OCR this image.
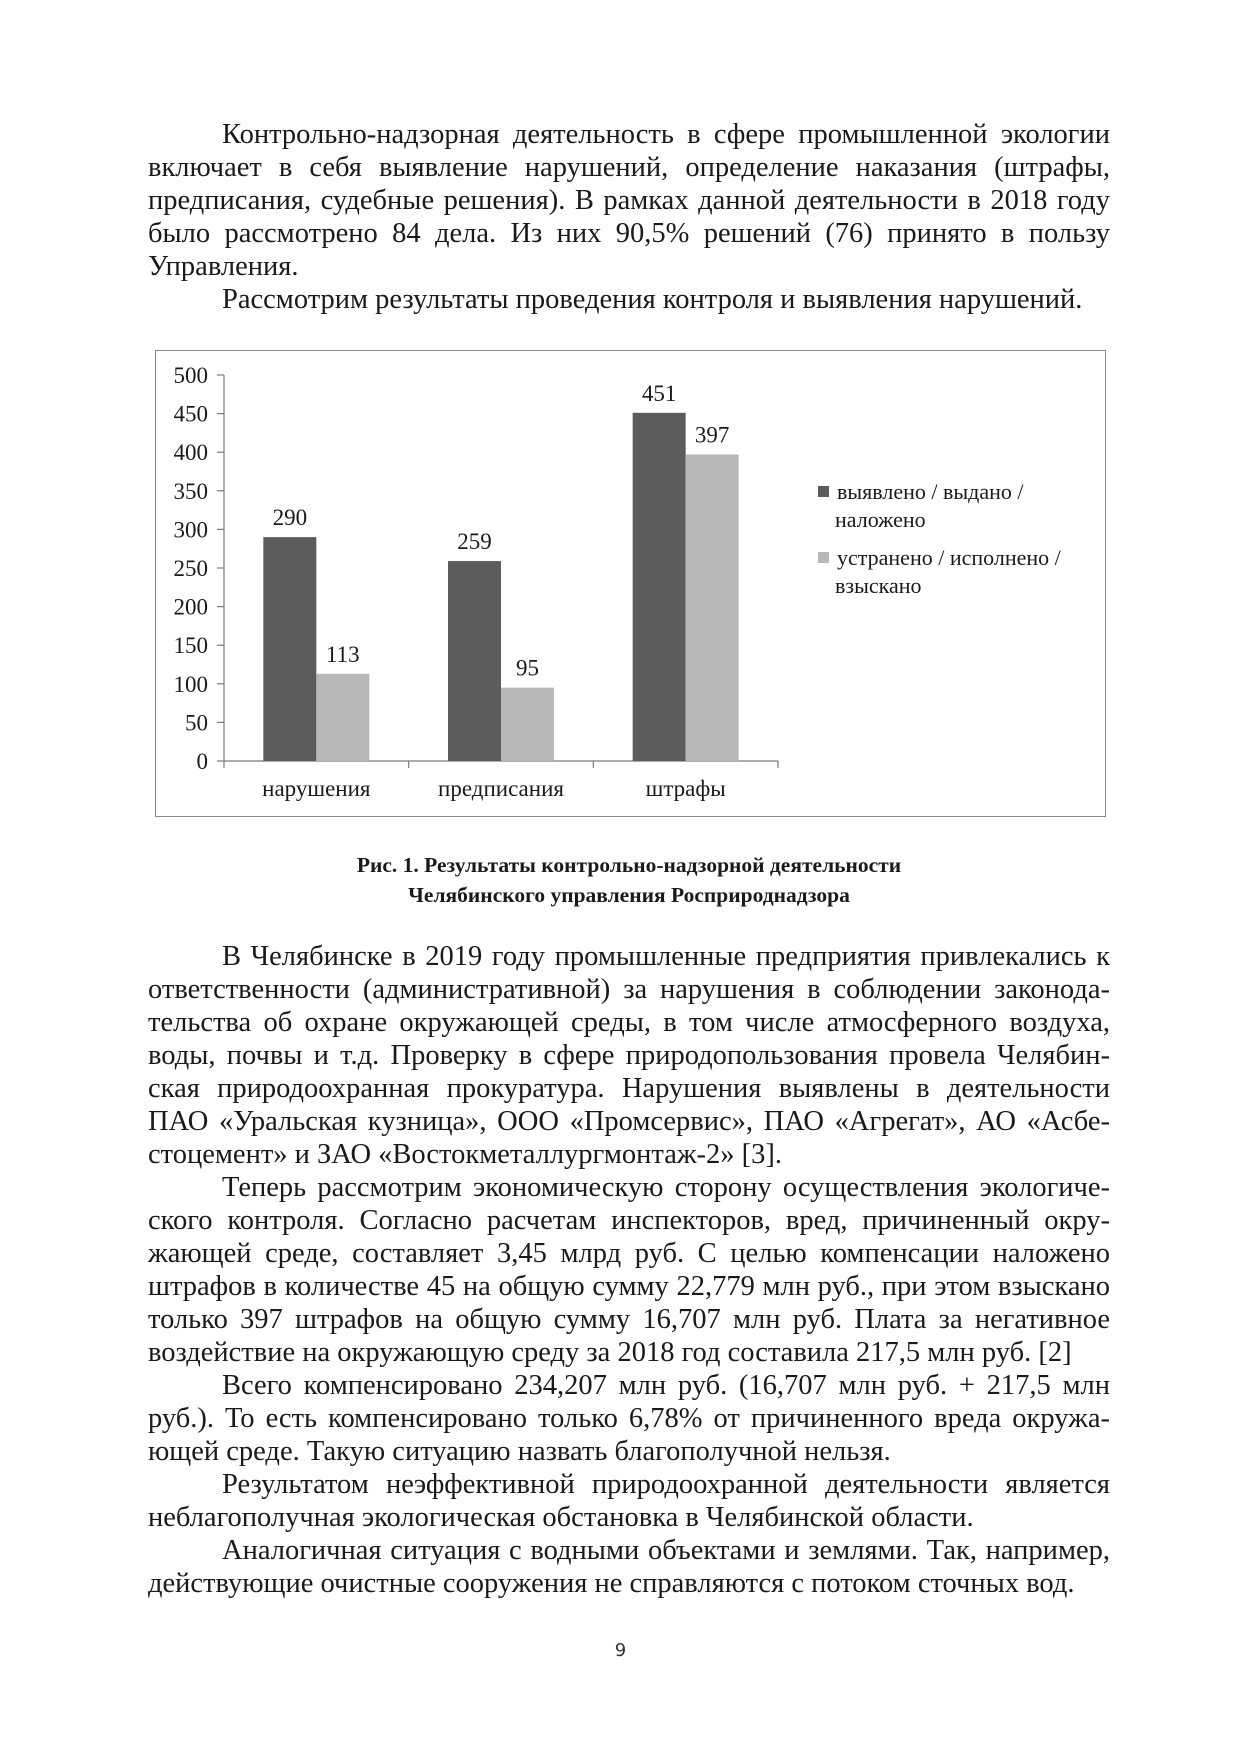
Контрольно-надзорная деятельность в сфере промышленной экологии включает в себя выявление нарушений, определение наказания (штрафы, предписания, судебные решения). В рамках данной деятельности в 2018 году было рассмотрено 84 дела. Из них 90,5% решений (76) принято в пользу Управления.

Рассмотрим результаты проведения контроля и выявления нарушений.

0
50
100
150
200
250
300
350
400
450
500
290
113
нарушения
259
95
предписания
451
397
штрафы
выявлено / выдано /
наложено
устранено / исполнено /
взыскано
Рис. 1. Результаты контрольно-надзорной деятельности
Челябинского управления Росприроднадзора

В Челябинске в 2019 году промышленные предприятия привлекались к ответственности (административной) за нарушения в соблюдении законодательства об охране окружающей среды, в том числе атмосферного воздуха, воды, почвы и т.д. Проверку в сфере природопользования провела Челябинская природоохранная прокуратура. Нарушения выявлены в деятельности ПАО «Уральская кузница», ООО «Промсервис», ПАО «Агрегат», АО «Асбестоцемент» и ЗАО «Востокметаллургмонтаж-2» [3].

Теперь рассмотрим экономическую сторону осуществления экологического контроля. Согласно расчетам инспекторов, вред, причиненный окружающей среде, составляет 3,45 млрд руб. С целью компенсации наложено штрафов в количестве 45 на общую сумму 22,779 млн руб., при этом взыскано только 397 штрафов на общую сумму 16,707 млн руб. Плата за негативное воздействие на окружающую среду за 2018 год составила 217,5 млн руб. [2]

Всего компенсировано 234,207 млн руб. (16,707 млн руб. + 217,5 млн руб.). То есть компенсировано только 6,78% от причиненного вреда окружающей среде. Такую ситуацию назвать благополучной нельзя.

Результатом неэффективной природоохранной деятельности является неблагополучная экологическая обстановка в Челябинской области.

Аналогичная ситуация с водными объектами и землями. Так, например, действующие очистные сооружения не справляются с потоком сточных вод.

9
